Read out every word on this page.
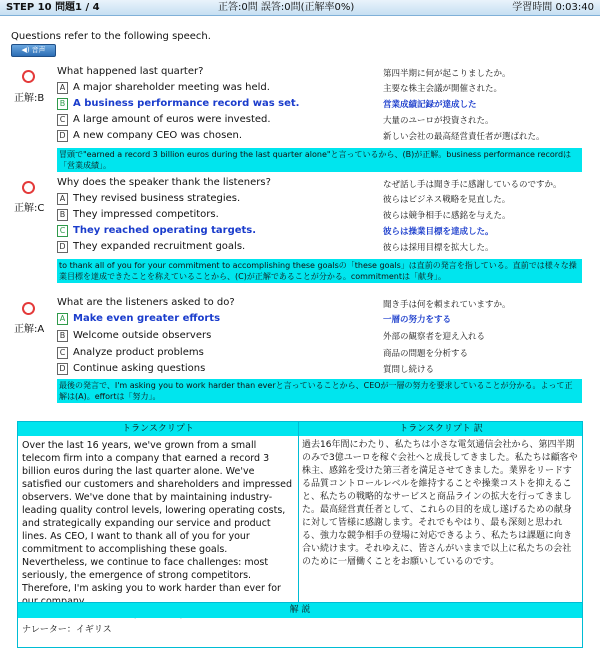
STEP 10 問題1 / 4	正答:0問 誤答:0問(正解率0%)	学習時間 0:03:40
Questions refer to the following speech.
◀) 音声
正解:B
What happened last quarter?	第四半期に何が起こりましたか。
A A major shareholder meeting was held.	主要な株主会議が開催された。
B A business performance record was set.	営業成績記録が達成した
C A large amount of euros were invested.	大量のユーロが投資された。
D A new company CEO was chosen.	新しい会社の最高経営責任者が選ばれた。
冒頭で"earned a record 3 billion euros during the last quarter alone"と言っているから、(B)が正解。business performance recordは「営業成績」。
正解:C
Why does the speaker thank the listeners?	なぜ話し手は聞き手に感謝しているのですか。
A They revised business strategies.	彼らはビジネス戦略を見直した。
B They impressed competitors.	彼らは競争相手に感銘を与えた。
C They reached operating targets.	彼らは操業目標を達成した。
D They expanded recruitment goals.	彼らは採用目標を拡大した。
to thank all of you for your commitment to accomplishing these goalsの「these goals」は直前の発言を指している。直前では様々な操業目標を達成できたことを称えていることから、(C)が正解であることが分かる。commitmentは「献身」。
正解:A
What are the listeners asked to do?	聞き手は何を頼まれていますか。
A Make even greater efforts	一層の努力をする
B Welcome outside observers	外部の観察者を迎え入れる
C Analyze product problems	商品の問題を分析する
D Continue asking questions	質問し続ける
最後の発言で、I'm asking you to work harder than everと言っていることから、CEOが一層の努力を要求していることが分かる。よって正解は(A)。effortは「努力」。
トランスクリプト	トランスクリプト 訳
Over the last 16 years, we've grown from a small telecom firm into a company that earned a record 3 billion euros during the last quarter alone. We've satisfied our customers and shareholders and impressed observers. We've done that by maintaining industry-leading quality control levels, lowering operating costs, and strategically expanding our service and product lines. As CEO, I want to thank all of you for your commitment to accomplishing these goals. Nevertheless, we continue to face challenges: most seriously, the emergence of strong competitors. Therefore, I'm asking you to work harder than ever for
過去16年間にわたり、私たちは小さな電気通信会社から、第四半期のみで3億ユーロを稼ぐ会社へと成長してきました。私たちは顧客や株主、感銘を受けた第三者を満足させてきました。業界をリードする品質コントロールレベルを維持することや操業コストを抑えること、私たちの戦略的なサービスと商品ラインの拡大を行ってきました。最高経営責任者として、これらの目的を成し遂げるための献身に対して皆様に感謝します。それでもやはり、最も深刻と思われる、強力な競争相手の登場に対応できるよう、私たちは課題に向き合い続けます。それゆえに、皆さんがいままで以上に私たちの会社のために一層働くことをお願いしているのです。
解 説
ナレーター：イギリス
